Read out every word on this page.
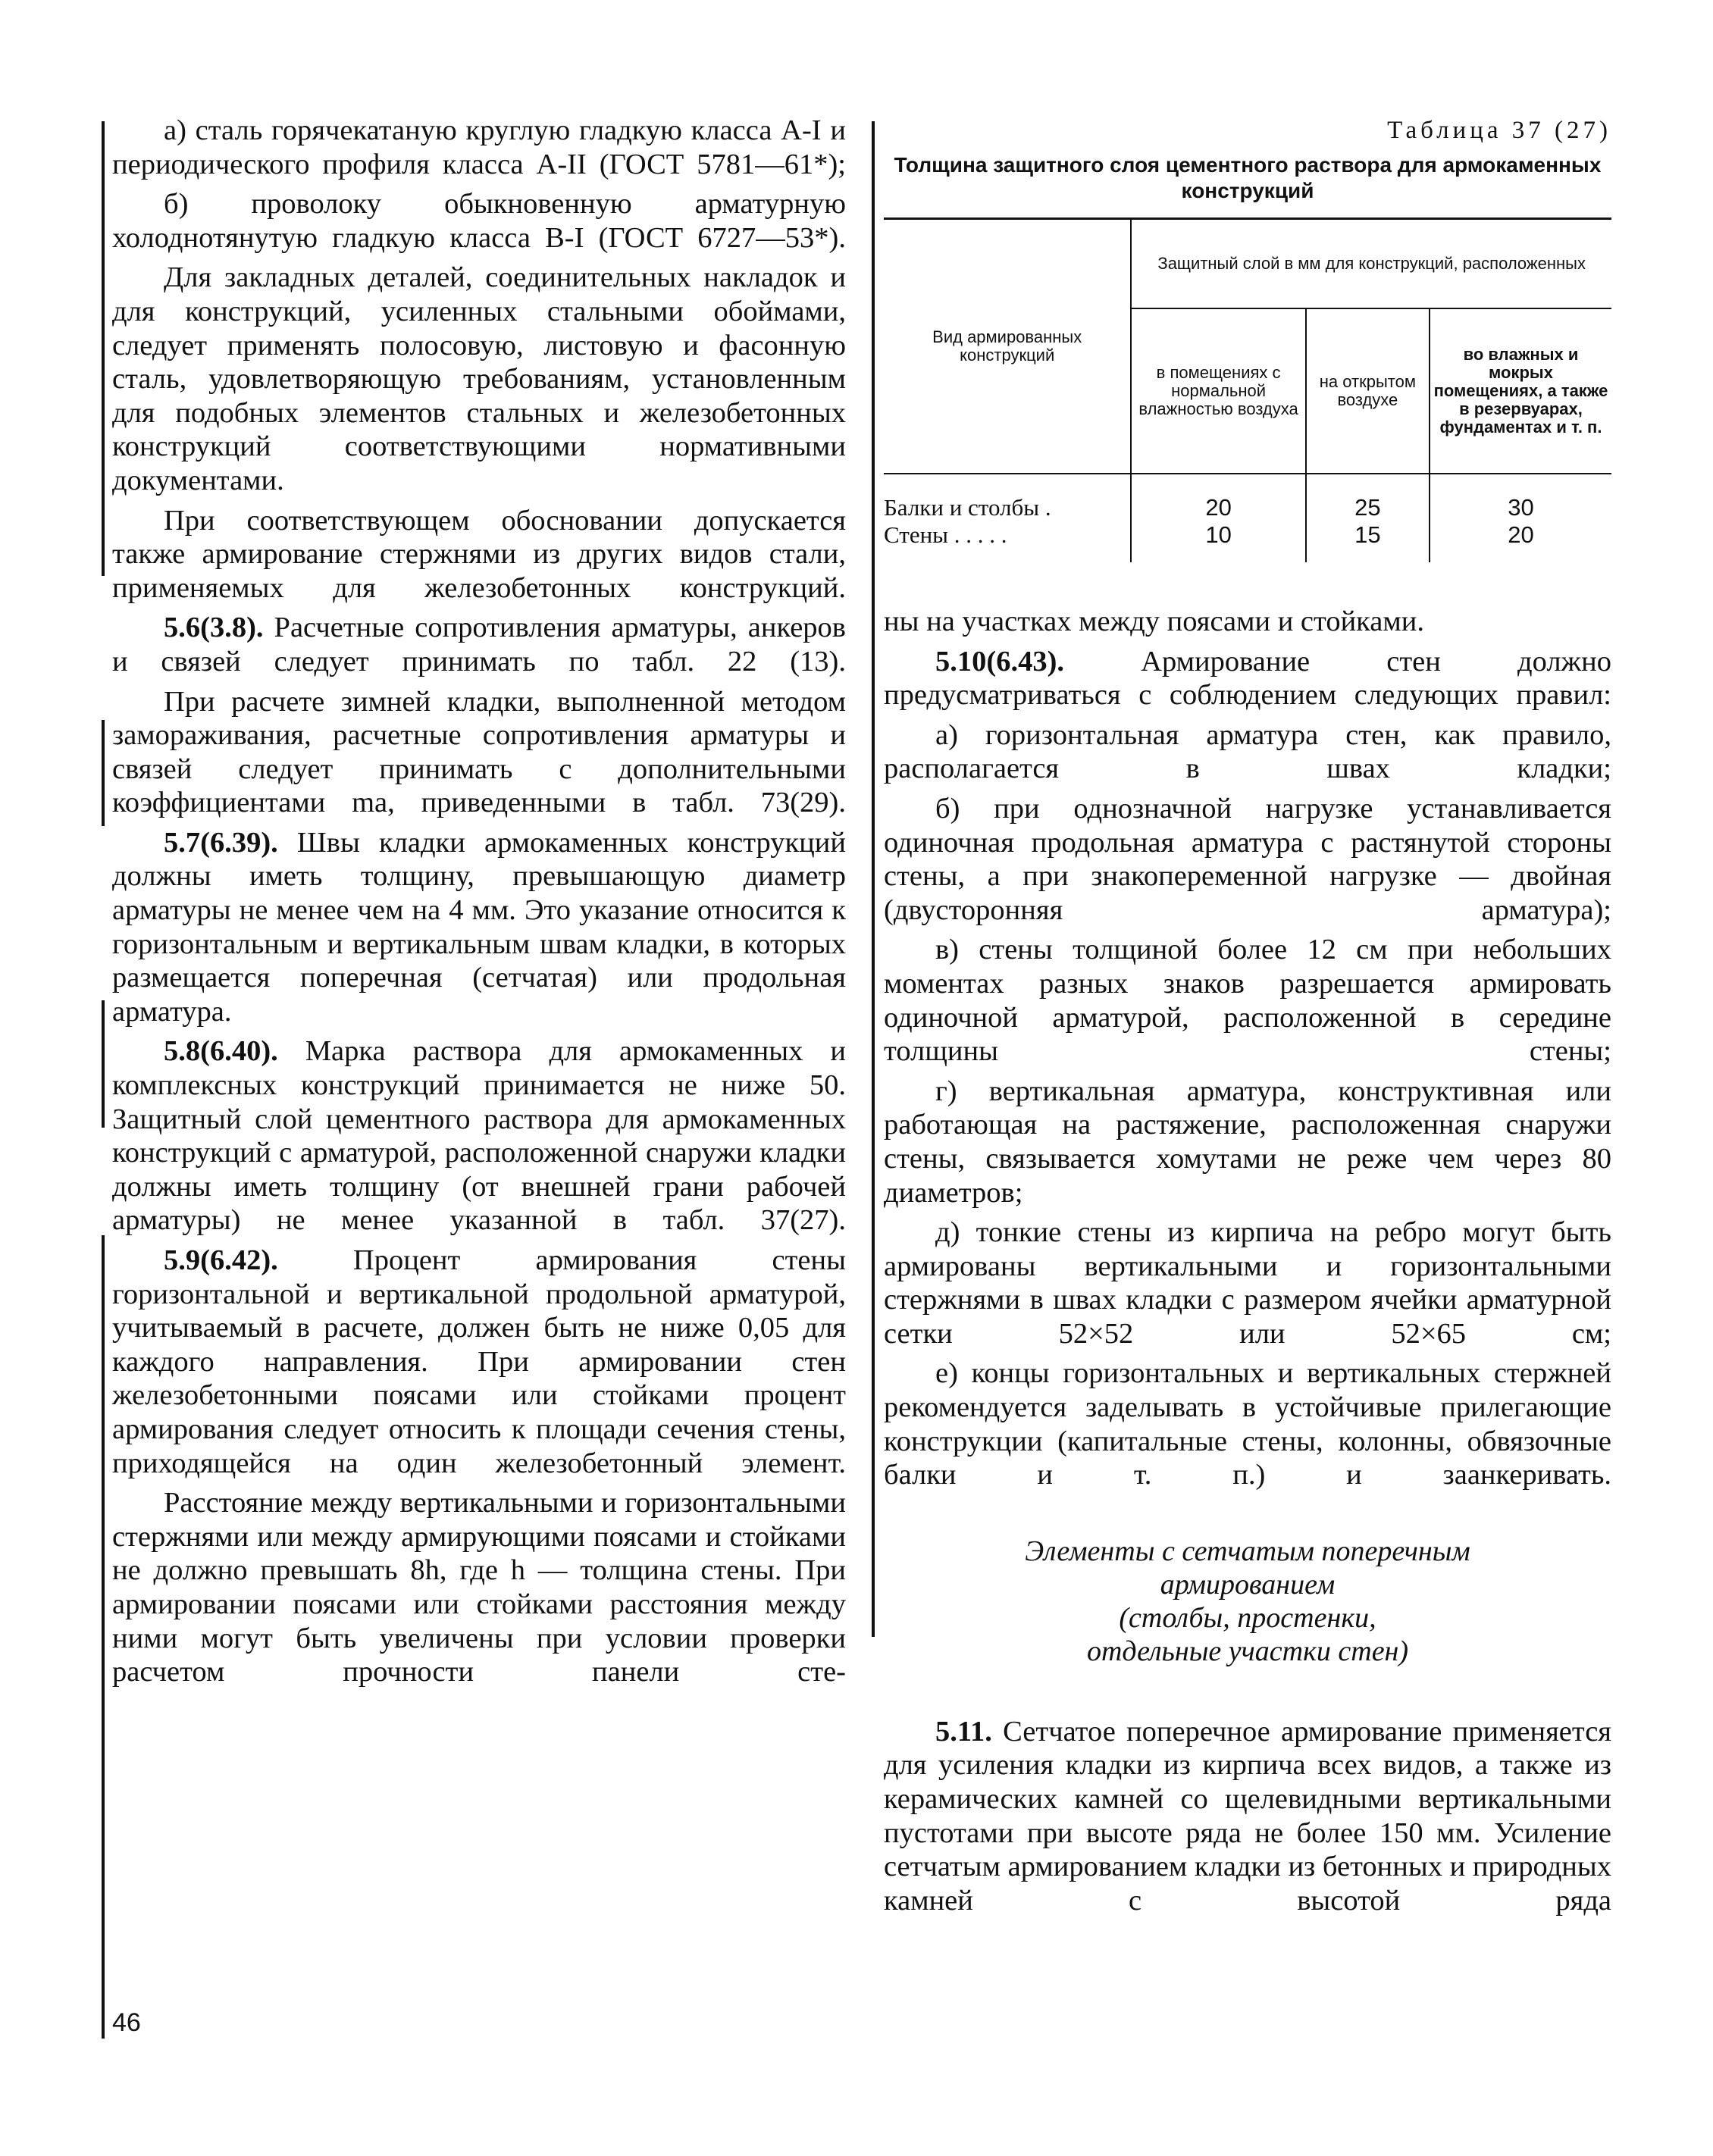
а) сталь горячекатаную круглую гладкую класса А-I и периодического профиля класса А-II (ГОСТ 5781—61*);

б) проволоку обыкновенную арматурную холоднотянутую гладкую класса В-I (ГОСТ 6727—53*).

Для закладных деталей, соединительных накладок и для конструкций, усиленных стальными обоймами, следует применять полосовую, листовую и фасонную сталь, удовлетворяющую требованиям, установленным для подобных элементов стальных и железобетонных конструкций соответствующими нормативными документами.

При соответствующем обосновании допускается также армирование стержнями из других видов стали, применяемых для железобетонных конструкций.

5.6(3.8). Расчетные сопротивления арматуры, анкеров и связей следует принимать по табл. 22 (13).

При расчете зимней кладки, выполненной методом замораживания, расчетные сопротивления арматуры и связей следует принимать с дополнительными коэффициентами mа, приведенными в табл. 73(29).

5.7(6.39). Швы кладки армокаменных конструкций должны иметь толщину, превышающую диаметр арматуры не менее чем на 4 мм. Это указание относится к горизонтальным и вертикальным швам кладки, в которых размещается поперечная (сетчатая) или продольная арматура.

5.8(6.40). Марка раствора для армокаменных и комплексных конструкций принимается не ниже 50. Защитный слой цементного раствора для армокаменных конструкций с арматурой, расположенной снаружи кладки должны иметь толщину (от внешней грани рабочей арматуры) не менее указанной в табл. 37(27).

5.9(6.42). Процент армирования стены горизонтальной и вертикальной продольной арматурой, учитываемый в расчете, должен быть не ниже 0,05 для каждого направления. При армировании стен железобетонными поясами или стойками процент армирования следует относить к площади сечения стены, приходящейся на один железобетонный элемент.

Расстояние между вертикальными и горизонтальными стержнями или между армирующими поясами и стойками не должно превышать 8h, где h — толщина стены. При армировании поясами или стойками расстояния между ними могут быть увеличены при условии проверки расчетом прочности панели сте-

Таблица 37 (27)
Толщина защитного слоя цементного раствора для армокаменных конструкций
Вид армированных конструкций	Защитный слой в мм для конструкций, расположенных		
	в помещениях с нормальной влажностью воздуха	на открытом воздухе	во влажных и мокрых помещениях, а также в резервуарах, фундаментах и т. п.
Балки и столбы .	20	25	30
Стены . . . . .	10	15	20

ны на участках между поясами и стойками.

5.10(6.43). Армирование стен должно предусматриваться с соблюдением следующих правил:

а) горизонтальная арматура стен, как правило, располагается в швах кладки;

б) при однозначной нагрузке устанавливается одиночная продольная арматура с растянутой стороны стены, а при знакопеременной нагрузке — двойная (двусторонняя арматура);

в) стены толщиной более 12 см при небольших моментах разных знаков разрешается армировать одиночной арматурой, расположенной в середине толщины стены;

г) вертикальная арматура, конструктивная или работающая на растяжение, расположенная снаружи стены, связывается хомутами не реже чем через 80 диаметров;

д) тонкие стены из кирпича на ребро могут быть армированы вертикальными и горизонтальными стержнями в швах кладки с размером ячейки арматурной сетки 52×52 или 52×65 см;

е) концы горизонтальных и вертикальных стержней рекомендуется заделывать в устойчивые прилегающие конструкции (капитальные стены, колонны, обвязочные балки и т. п.) и заанкеривать.

Элементы с сетчатым поперечным
армированием
(столбы, простенки,
отдельные участки стен)

5.11. Сетчатое поперечное армирование применяется для усиления кладки из кирпича всех видов, а также из керамических камней со щелевидными вертикальными пустотами при высоте ряда не более 150 мм. Усиление сетчатым армированием кладки из бетонных и природных камней с высотой ряда

46
